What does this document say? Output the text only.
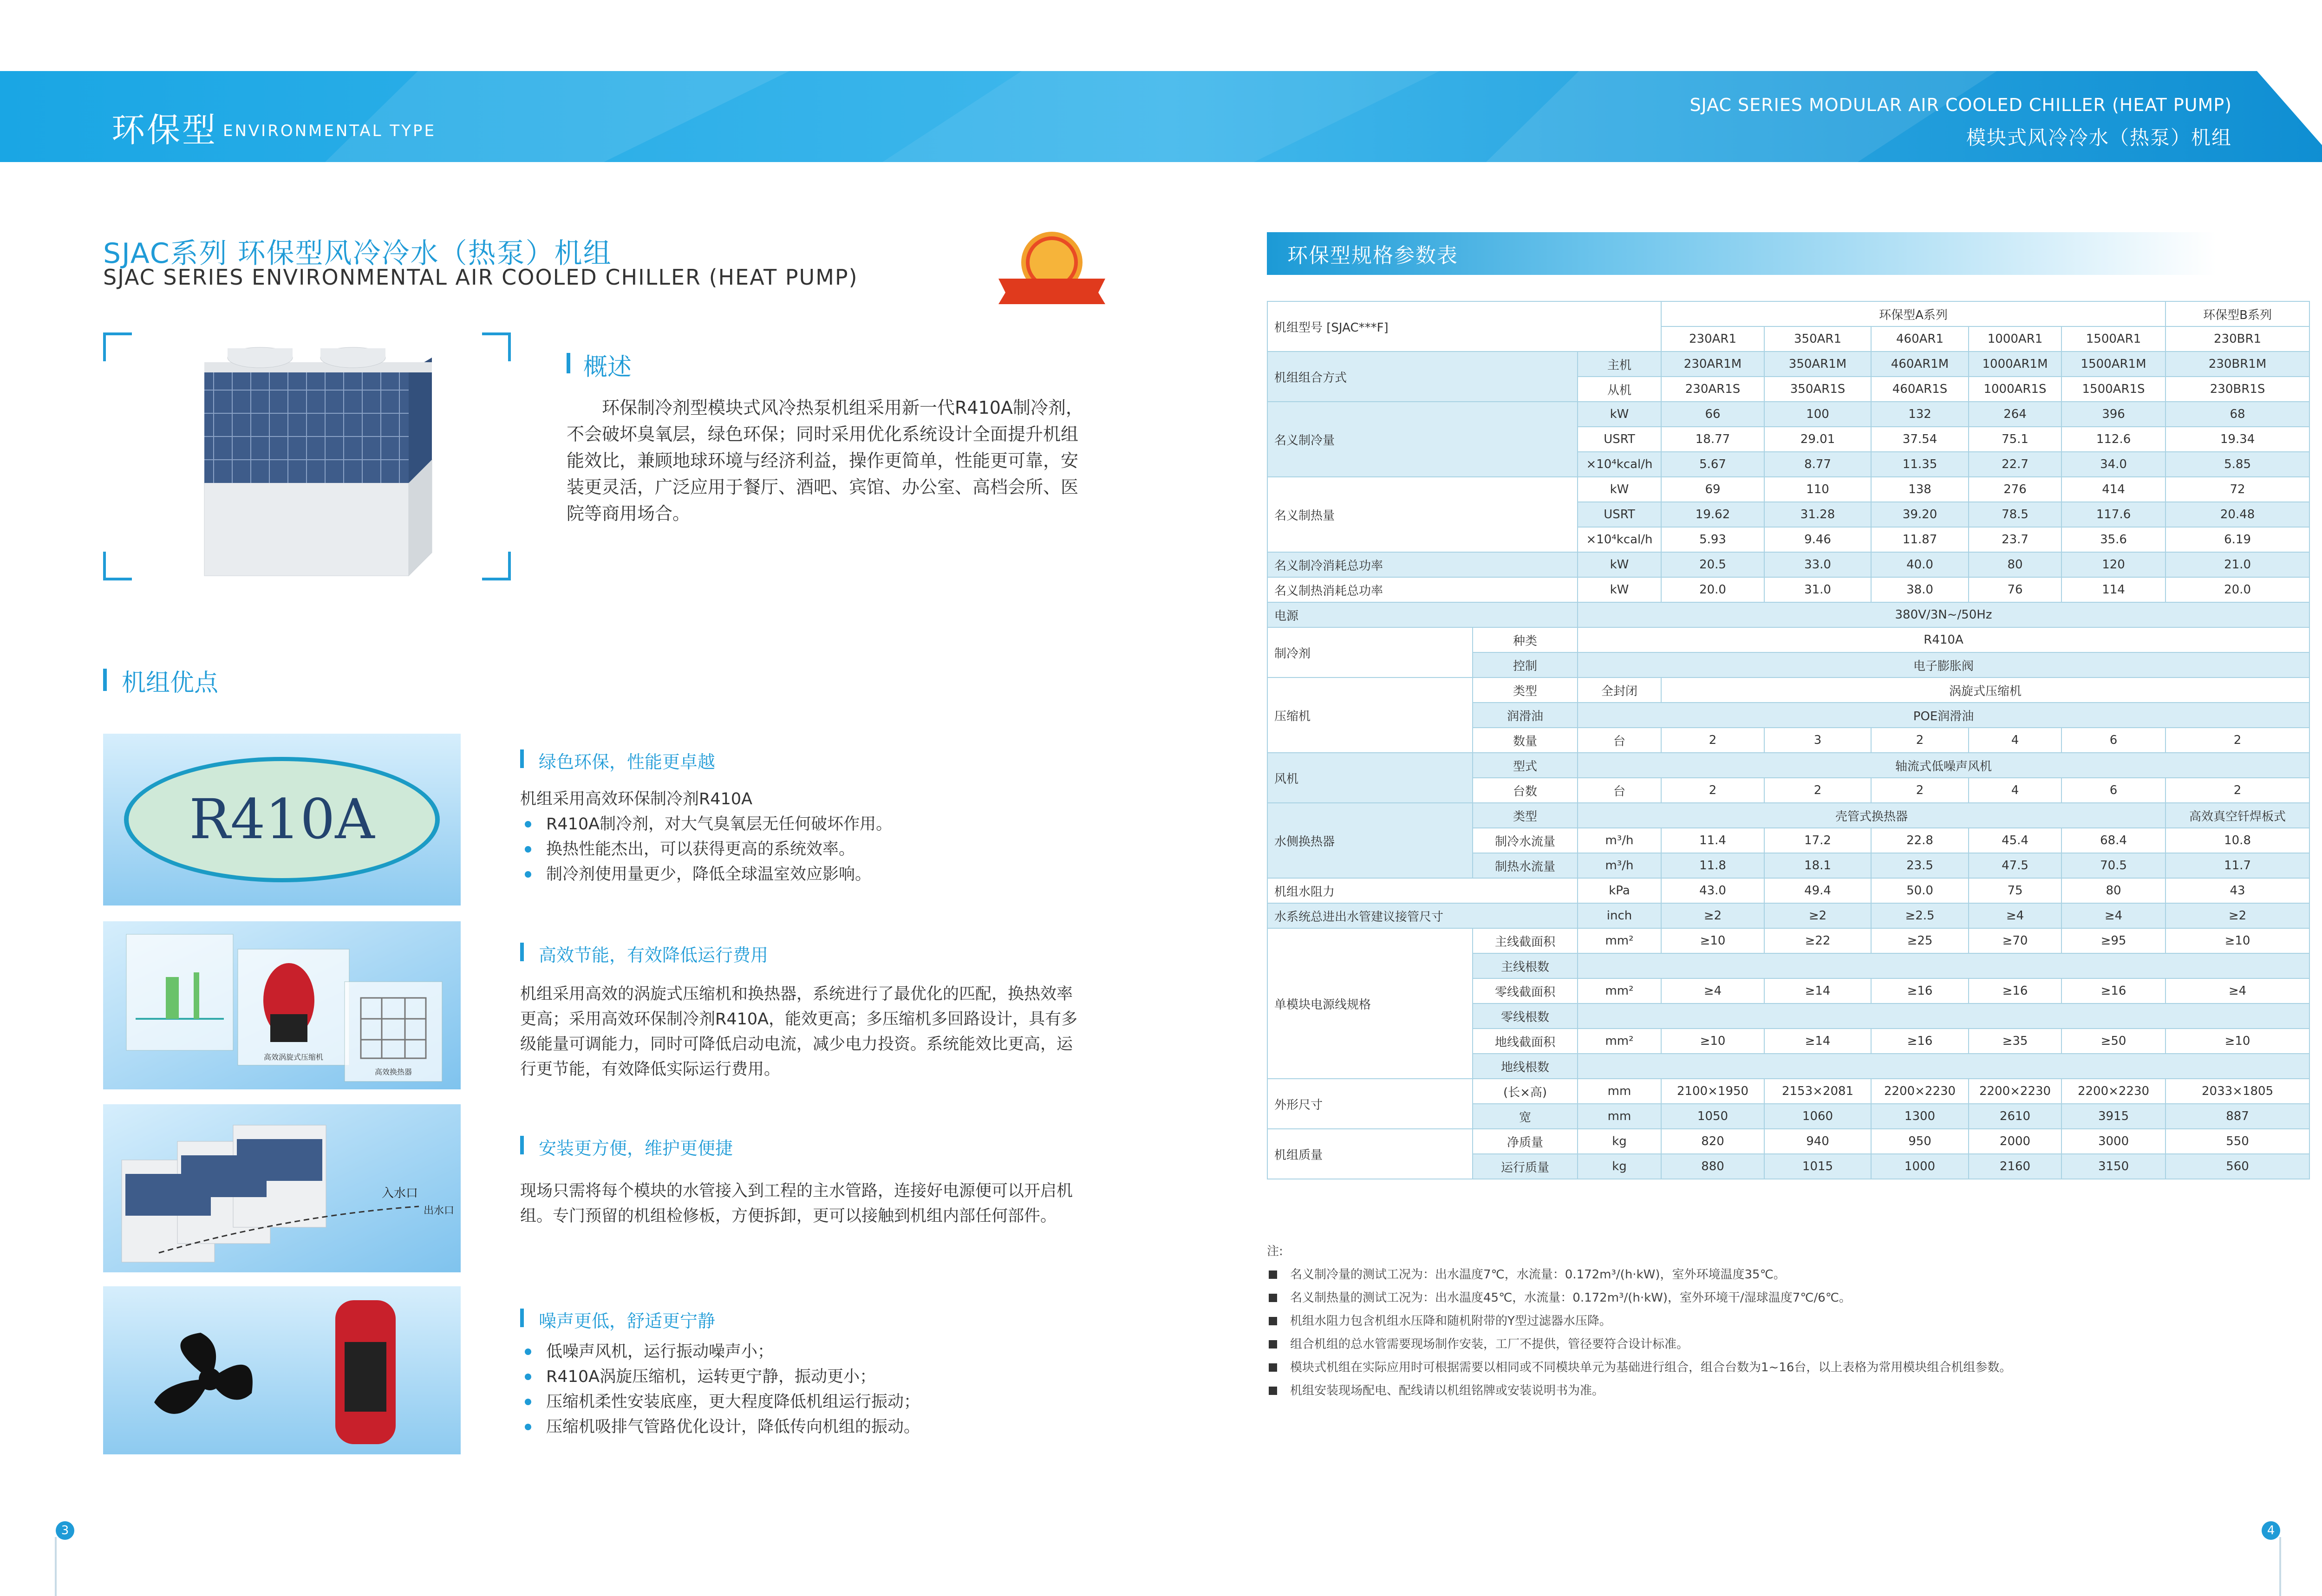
环保型 ENVIRONMENTAL TYPE
SJAC SERIES MODULAR AIR COOLED CHILLER (HEAT PUMP)
模块式风冷冷水（热泵）机组
SJAC系列 环保型风冷冷水（热泵）机组
SJAC SERIES ENVIRONMENTAL AIR COOLED CHILLER (HEAT PUMP)
概述
环保制冷剂型模块式风冷热泵机组采用新一代R410A制冷剂，不会破坏臭氧层，绿色环保；同时采用优化系统设计全面提升机组能效比，兼顾地球环境与经济利益，操作更简单，性能更可靠，安装更灵活，广泛应用于餐厅、酒吧、宾馆、办公室、高档会所、医院等商用场合。
机组优点
R410A
绿色环保，性能更卓越
机组采用高效环保制冷剂R410A
R410A制冷剂，对大气臭氧层无任何破坏作用。
换热性能杰出，可以获得更高的系统效率。
制冷剂使用量更少，降低全球温室效应影响。
高效涡旋式压缩机
高效换热器
高效节能，有效降低运行费用
机组采用高效的涡旋式压缩机和换热器，系统进行了最优化的匹配，换热效率更高；采用高效环保制冷剂R410A，能效更高；多压缩机多回路设计，具有多级能量可调能力，同时可降低启动电流，减少电力投资。系统能效比更高，运行更节能，有效降低实际运行费用。
入水口
出水口
安装更方便，维护更便捷
现场只需将每个模块的水管接入到工程的主水管路，连接好电源便可以开启机组。专门预留的机组检修板，方便拆卸，更可以接触到机组内部任何部件。
噪声更低，舒适更宁静
低噪声风机，运行振动噪声小；
R410A涡旋压缩机，运转更宁静，振动更小；
压缩机柔性安装底座，更大程度降低机组运行振动；
压缩机吸排气管路优化设计，降低传向机组的振动。
环保型规格参数表
机组型号 [SJAC***F]			环保型A系列					环保型B系列
			230AR1	350AR1	460AR1	1000AR1	1500AR1	230BR1
机组组合方式		主机	230AR1M	350AR1M	460AR1M	1000AR1M	1500AR1M	230BR1M
		从机	230AR1S	350AR1S	460AR1S	1000AR1S	1500AR1S	230BR1S
名义制冷量		kW	66	100	132	264	396	68
		USRT	18.77	29.01	37.54	75.1	112.6	19.34
		×10⁴kcal/h	5.67	8.77	11.35	22.7	34.0	5.85
名义制热量		kW	69	110	138	276	414	72
		USRT	19.62	31.28	39.20	78.5	117.6	20.48
		×10⁴kcal/h	5.93	9.46	11.87	23.7	35.6	6.19
名义制冷消耗总功率		kW	20.5	33.0	40.0	80	120	21.0
名义制热消耗总功率		kW	20.0	31.0	38.0	76	114	20.0
电源		380V/3N~/50Hz						
制冷剂	种类	R410A						
	控制	电子膨胀阀						
压缩机	类型	全封闭	涡旋式压缩机					
	润滑油	POE润滑油						
	数量	台	2	3	2	4	6	2
风机	型式	轴流式低噪声风机						
	台数	台	2	2	2	4	6	2
水侧换热器	类型	壳管式换热器						高效真空钎焊板式
	制冷水流量	m³/h	11.4	17.2	22.8	45.4	68.4	10.8
	制热水流量	m³/h	11.8	18.1	23.5	47.5	70.5	11.7
机组水阻力		kPa	43.0	49.4	50.0	75	80	43
水系统总进出水管建议接管尺寸		inch	≥2	≥2	≥2.5	≥4	≥4	≥2
单模块电源线规格	主线截面积	mm²	≥10	≥22	≥25	≥70	≥95	≥10
	主线根数							
	零线截面积	mm²	≥4	≥14	≥16	≥16	≥16	≥4
	零线根数							
	地线截面积	mm²	≥10	≥14	≥16	≥35	≥50	≥10
	地线根数							
外形尺寸	(长×高)	mm	2100×1950	2153×2081	2200×2230	2200×2230	2200×2230	2033×1805
	宽	mm	1050	1060	1300	2610	3915	887
机组质量	净质量	kg	820	940	950	2000	3000	550
	运行质量	kg	880	1015	1000	2160	3150	560
注:
名义制冷量的测试工况为：出水温度7℃，水流量：0.172m³/(h·kW)，室外环境温度35℃。
名义制热量的测试工况为：出水温度45℃，水流量：0.172m³/(h·kW)，室外环境干/湿球温度7℃/6℃。
机组水阻力包含机组水压降和随机附带的Y型过滤器水压降。
组合机组的总水管需要现场制作安装，工厂不提供，管径要符合设计标准。
模块式机组在实际应用时可根据需要以相同或不同模块单元为基础进行组合，组合台数为1~16台，以上表格为常用模块组合机组参数。
机组安装现场配电、配线请以机组铭牌或安装说明书为准。
3	4
